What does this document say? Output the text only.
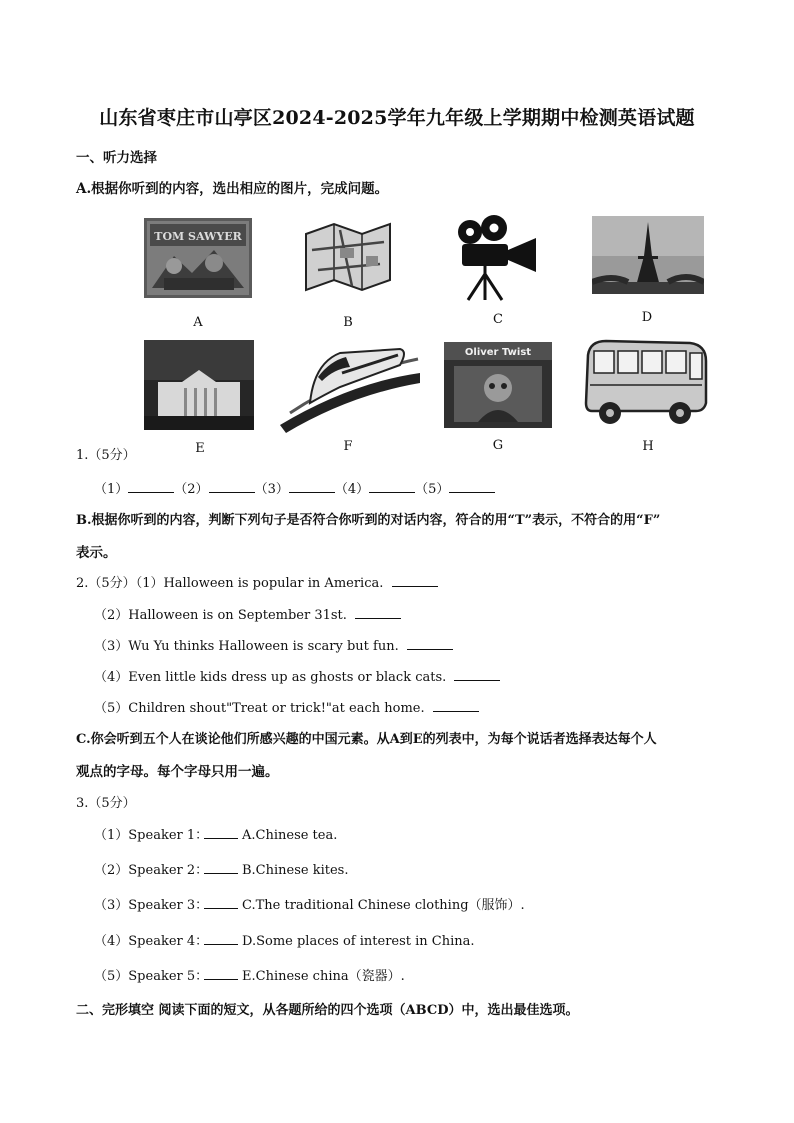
山东省枣庄市山亭区2024-2025学年九年级上学期期中检测英语试题
一、听力选择
A.根据你听到的内容，选出相应的图片，完成问题。
TOM SAWYER
A	B	C	D
E	F
Oliver Twist
G	H
1.（5分）
（1）	（2）	（3）	（4）	（5）
B.根据你听到的内容，判断下列句子是否符合你听到的对话内容，符合的用“T”表示，不符合的用“F”
表示。
2.（5分）（1）Halloween is popular in America.
（2）Halloween is on September 31st.
（3）Wu Yu thinks Halloween is scary but fun.
（4）Even little kids dress up as ghosts or black cats.
（5）Children shout"Treat or trick!"at each home.
C.你会听到五个人在谈论他们所感兴趣的中国元素。从A到E的列表中，为每个说话者选择表达每个人
观点的字母。每个字母只用一遍。
3.（5分）
（1）Speaker 1：	A.Chinese tea.
（2）Speaker 2：	B.Chinese kites.
（3）Speaker 3：	C.The traditional Chinese clothing（服饰）.
（4）Speaker 4：	D.Some places of interest in China.
（5）Speaker 5：	E.Chinese china（瓷器）.
二、完形填空 阅读下面的短文，从各题所给的四个选项（ABCD）中，选出最佳选项。
